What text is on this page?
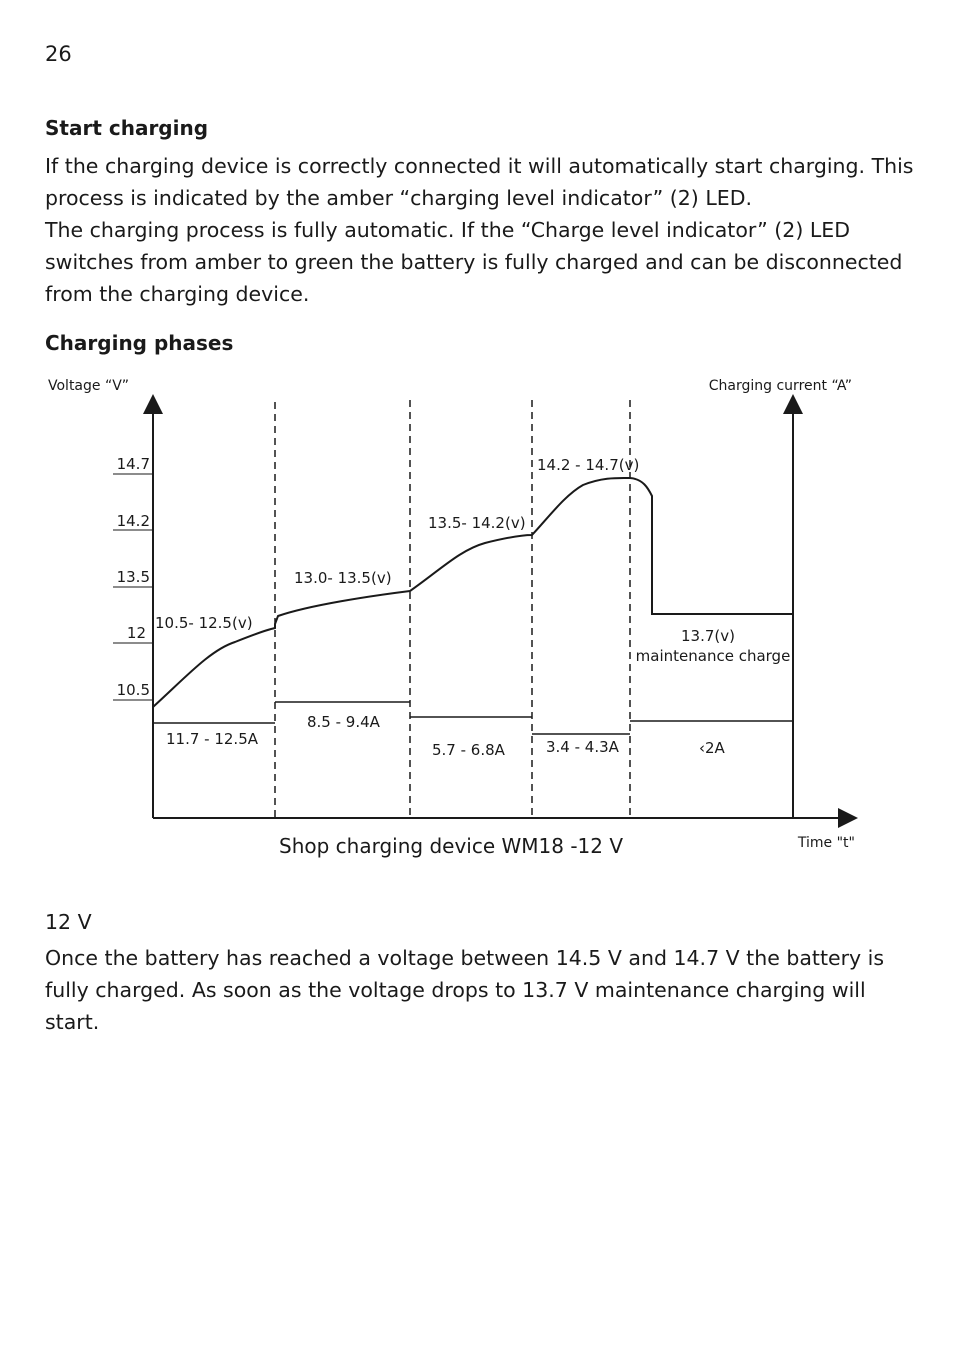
26
Start charging
If the charging device is correctly connected it will automatically start charging. This
process is indicated by the amber “charging level indicator” (2) LED.
The charging process is fully automatic. If the “Charge level indicator” (2) LED
switches from amber to green the battery is fully charged and can be disconnected
from the charging device.
Charging phases
Voltage “V”	Charging current “A”
Time "t"
14.7
14.2
13.5
12
10.5
10.5- 12.5(v)
13.0- 13.5(v)
13.5- 14.2(v)
14.2 - 14.7(v)
13.7(v)
maintenance charge
11.7 - 12.5A
8.5 - 9.4A
5.7 - 6.8A	3.4 - 4.3A	‹2A
Shop charging device WM18 -12 V
12 V
Once the battery has reached a voltage between 14.5 V and 14.7 V the battery is
fully charged. As soon as the voltage drops to 13.7 V maintenance charging will
start.
